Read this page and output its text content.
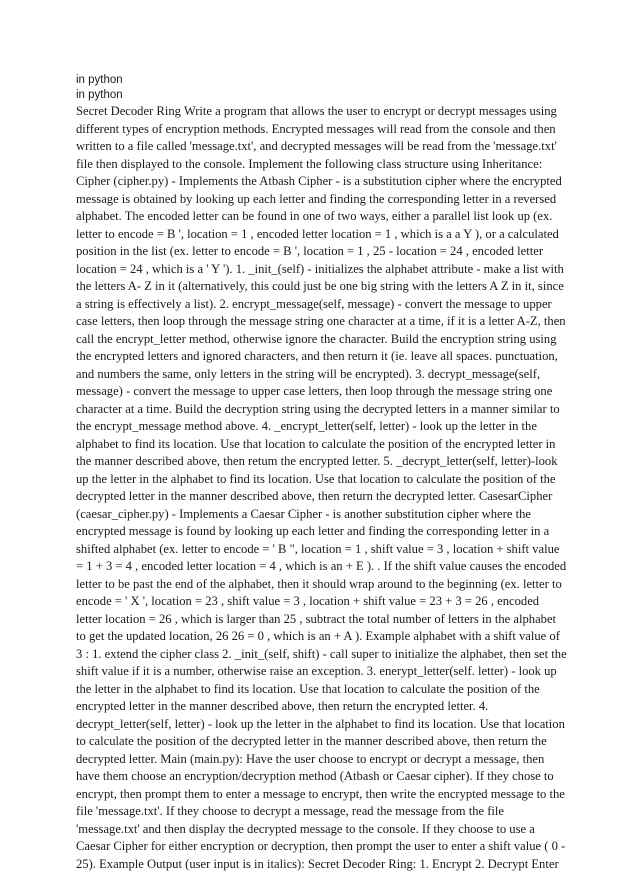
in python

in python

Secret Decoder Ring Write a program that allows the user to encrypt or decrypt messages using different types of encryption methods. Encrypted messages will read from the console and then written to a file called 'message.txt', and decrypted messages will be read from the 'message.txt' file then displayed to the console. Implement the following class structure using Inheritance: Cipher (cipher.py) - Implements the Atbash Cipher - is a substitution cipher where the encrypted message is obtained by looking up each letter and finding the corresponding letter in a reversed alphabet. The encoded letter can be found in one of two ways, either a parallel list look up (ex. letter to encode = B ', location = 1 , encoded letter location = 1 , which is a a Y ), or a calculated position in the list (ex. letter to encode = B ', location = 1 , 25 - location = 24 , encoded letter location = 24 , which is a ' Y '). 1. _init_(self) - initializes the alphabet attribute - make a list with the letters A- Z in it (alternatively, this could just be one big string with the letters A Z in it, since a string is effectively a list). 2. encrypt_message(self, message) - convert the message to upper case letters, then loop through the message string one character at a time, if it is a letter A-Z, then call the encrypt_letter method, otherwise ignore the character. Build the encryption string using the encrypted letters and ignored characters, and then return it (ie. leave all spaces. punctuation, and numbers the same, only letters in the string will be encrypted). 3. decrypt_message(self, message) - convert the message to upper case letters, then loop through the message string one character at a time. Build the decryption string using the decrypted letters in a manner similar to the encrypt_message method above. 4. _encrypt_letter(self, letter) - look up the letter in the alphabet to find its location. Use that location to calculate the position of the encrypted letter in the manner described above, then retum the encrypted letter. 5. _decrypt_letter(self, letter)-look up the letter in the alphabet to find its location. Use that location to calculate the position of the decrypted letter in the manner described above, then return the decrypted letter. CasesarCipher (caesar_cipher.py) - Implements a Caesar Cipher - is another substitution cipher where the encrypted message is found by looking up each letter and finding the corresponding letter in a shifted alphabet (ex. letter to encode = ' B ", location = 1 , shift value = 3 , location + shift value = 1 + 3 = 4 , encoded letter location = 4 , which is an + E ). . If the shift value causes the encoded letter to be past the end of the alphabet, then it should wrap around to the beginning (ex. letter to encode = ' X ', location = 23 , shift value = 3 , location + shift value = 23 + 3 = 26 , encoded letter location = 26 , which is larger than 25 , subtract the total number of letters in the alphabet to get the updated location, 26 26 = 0 , which is an + A ). Example alphabet with a shift value of 3 : 1. extend the cipher class 2. _init_(self, shift) - call super to initialize the alphabet, then set the shift value if it is a number, otherwise raise an exception. 3. enerypt_letter(self. letter) - look up the letter in the alphabet to find its location. Use that location to calculate the position of the encrypted letter in the manner described above, then return the encrypted letter. 4. decrypt_letter(self, letter) - look up the letter in the alphabet to find its location. Use that location to calculate the position of the decrypted letter in the manner described above, then return the decrypted letter. Main (main.py): Have the user choose to encrypt or decrypt a message, then have them choose an encryption/decryption method (Atbash or Caesar cipher). If they chose to encrypt, then prompt them to enter a message to encrypt, then write the encrypted message to the file 'message.txt'. If they choose to decrypt a message, read the message from the file 'message.txt' and then display the decrypted message to the console. If they choose to use a Caesar Cipher for either encryption or decryption, then prompt the user to enter a shift value ( 0 - 25). Example Output (user input is in italics): Secret Decoder Ring: 1. Encrypt 2. Decrypt Enter
